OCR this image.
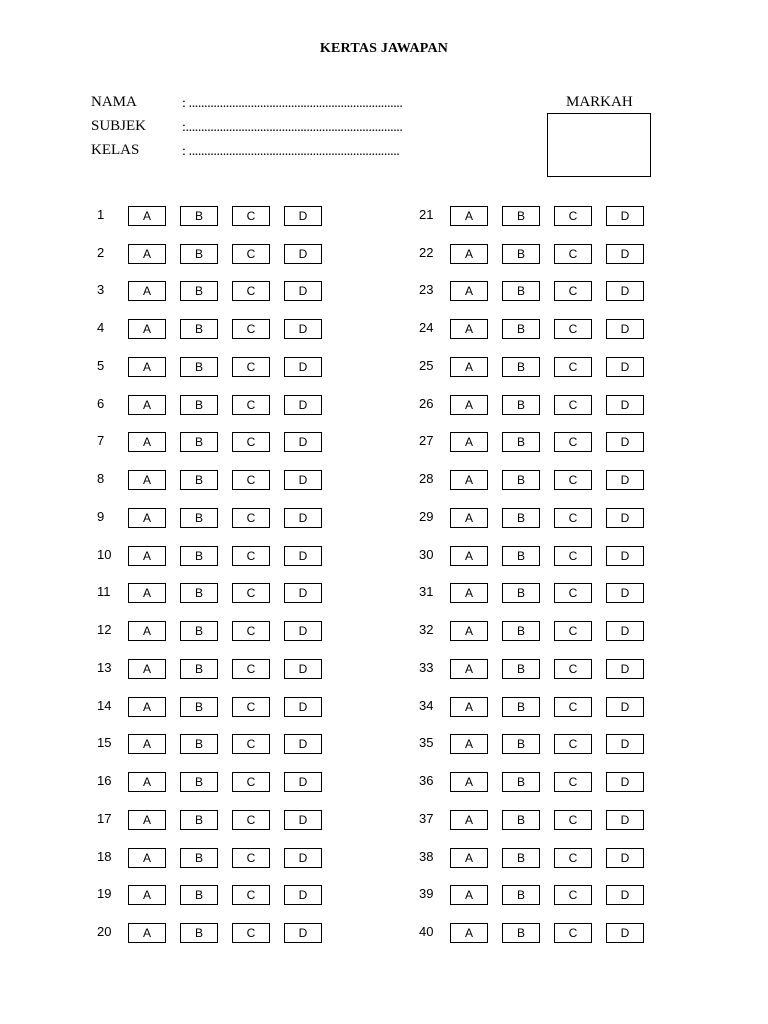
KERTAS JAWAPAN
NAMA	: .....................................................................
SUBJEK	:......................................................................
KELAS	: ....................................................................
MARKAH
1	A	B	C	D
2	A	B	C	D
3	A	B	C	D
4	A	B	C	D
5	A	B	C	D
6	A	B	C	D
7	A	B	C	D
8	A	B	C	D
9	A	B	C	D
10	A	B	C	D
11	A	B	C	D
12	A	B	C	D
13	A	B	C	D
14	A	B	C	D
15	A	B	C	D
16	A	B	C	D
17	A	B	C	D
18	A	B	C	D
19	A	B	C	D
20	A	B	C	D
21	A	B	C	D
22	A	B	C	D
23	A	B	C	D
24	A	B	C	D
25	A	B	C	D
26	A	B	C	D
27	A	B	C	D
28	A	B	C	D
29	A	B	C	D
30	A	B	C	D
31	A	B	C	D
32	A	B	C	D
33	A	B	C	D
34	A	B	C	D
35	A	B	C	D
36	A	B	C	D
37	A	B	C	D
38	A	B	C	D
39	A	B	C	D
40	A	B	C	D
